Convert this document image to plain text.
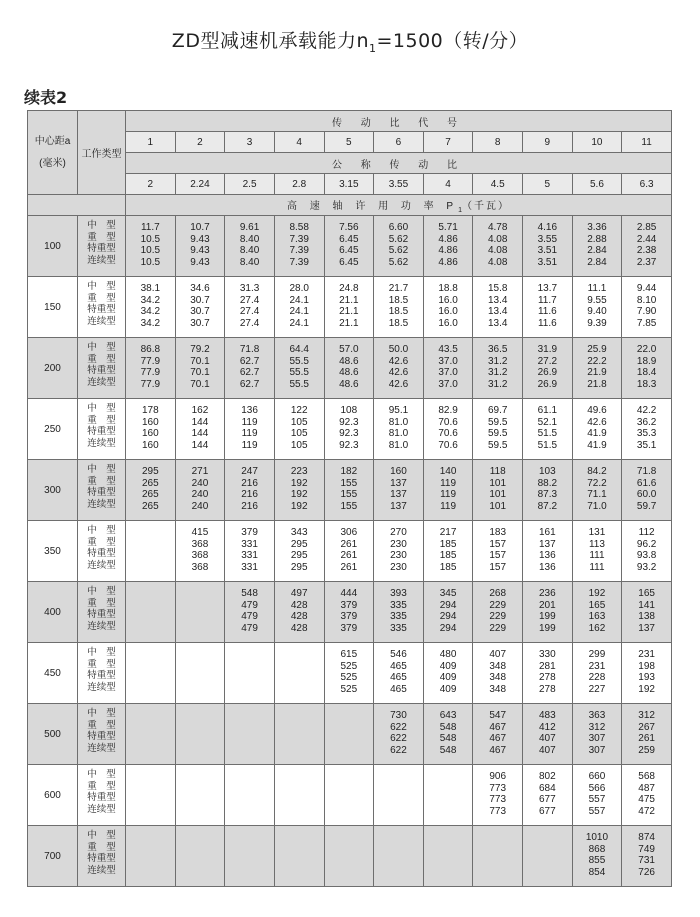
ZD型减速机承载能力$n_1=1500$（转/分）
续表2
中心距a
(毫米)	工作类型	传 动 比 代 号										
		1	2	3	4	5	6	7	8	9	10	11
		公 称 传 动 比										
		2	2.24	2.5	2.8	3.15	3.55	4	4.5	5	5.6	6.3
		高 速 轴 许 用 功 率 $P_1$（千瓦）										
100	中　型
重　型
特重型
连续型	11.7
10.5
10.5
10.5	10.7
9.43
9.43
9.43	9.61
8.40
8.40
8.40	8.58
7.39
7.39
7.39	7.56
6.45
6.45
6.45	6.60
5.62
5.62
5.62	5.71
4.86
4.86
4.86	4.78
4.08
4.08
4.08	4.16
3.55
3.51
3.51	3.36
2.88
2.84
2.84	2.85
2.44
2.38
2.37

150	中　型
重　型
特重型
连续型	38.1
34.2
34.2
34.2	34.6
30.7
30.7
30.7	31.3
27.4
27.4
27.4	28.0
24.1
24.1
24.1	24.8
21.1
21.1
21.1	21.7
18.5
18.5
18.5	18.8
16.0
16.0
16.0	15.8
13.4
13.4
13.4	13.7
11.7
11.6
11.6	11.1
9.55
9.40
9.39	9.44
8.10
7.90
7.85

200	中　型
重　型
特重型
连续型	86.8
77.9
77.9
77.9	79.2
70.1
70.1
70.1	71.8
62.7
62.7
62.7	64.4
55.5
55.5
55.5	57.0
48.6
48.6
48.6	50.0
42.6
42.6
42.6	43.5
37.0
37.0
37.0	36.5
31.2
31.2
31.2	31.9
27.2
26.9
26.9	25.9
22.2
21.9
21.8	22.0
18.9
18.4
18.3

250	中　型
重　型
特重型
连续型	178
160
160
160	162
144
144
144	136
119
119
119	122
105
105
105	108
92.3
92.3
92.3	95.1
81.0
81.0
81.0	82.9
70.6
70.6
70.6	69.7
59.5
59.5
59.5	61.1
52.1
51.5
51.5	49.6
42.6
41.9
41.9	42.2
36.2
35.3
35.1

300	中　型
重　型
特重型
连续型	295
265
265
265	271
240
240
240	247
216
216
216	223
192
192
192	182
155
155
155	160
137
137
137	140
119
119
119	118
101
101
101	103
88.2
87.3
87.2	84.2
72.2
71.1
71.0	71.8
61.6
60.0
59.7

350	中　型
重　型
特重型
连续型		415
368
368
368	379
331
331
331	343
295
295
295	306
261
261
261	270
230
230
230	217
185
185
185	183
157
157
157	161
137
136
136	131
113
111
111	112
96.2
93.8
93.2

400	中　型
重　型
特重型
连续型			548
479
479
479	497
428
428
428	444
379
379
379	393
335
335
335	345
294
294
294	268
229
229
229	236
201
199
199	192
165
163
162	165
141
138
137

450	中　型
重　型
特重型
连续型					615
525
525
525	546
465
465
465	480
409
409
409	407
348
348
348	330
281
278
278	299
231
228
227	231
198
193
192

500	中　型
重　型
特重型
连续型						730
622
622
622	643
548
548
548	547
467
467
467	483
412
407
407	363
312
307
307	312
267
261
259

600	中　型
重　型
特重型
连续型								906
773
773
773	802
684
677
677	660
566
557
557	568
487
475
472

700	中　型
重　型
特重型
连续型										1010
868
855
854	874
749
731
726
